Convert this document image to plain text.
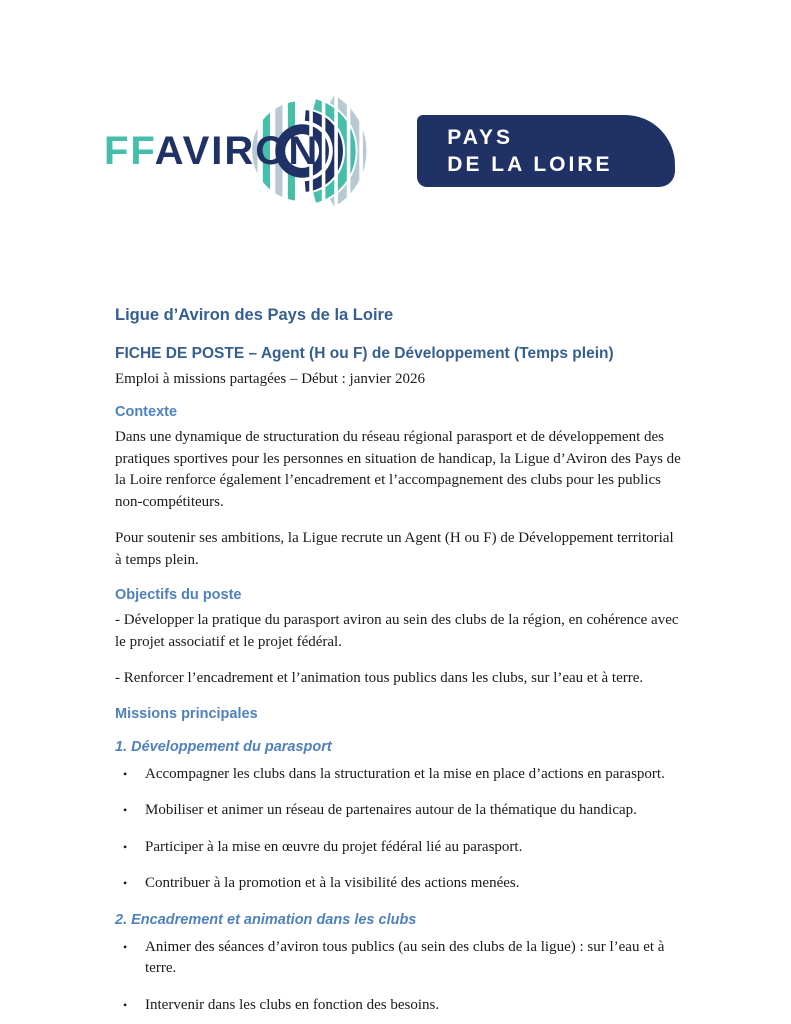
FFAVIRON	PAYS
DE LA LOIRE
Ligue d’Aviron des Pays de la Loire
FICHE DE POSTE – Agent (H ou F) de Développement (Temps plein)

Emploi à missions partagées – Début : janvier 2026

Contexte

Dans une dynamique de structuration du réseau régional parasport et de développement des pratiques sportives pour les personnes en situation de handicap, la Ligue d’Aviron des Pays de la Loire renforce également l’encadrement et l’accompagnement des clubs pour les publics non-compétiteurs.

Pour soutenir ses ambitions, la Ligue recrute un Agent (H ou F) de Développement territorial à temps plein.

Objectifs du poste

- Développer la pratique du parasport aviron au sein des clubs de la région, en cohérence avec le projet associatif et le projet fédéral.

- Renforcer l’encadrement et l’animation tous publics dans les clubs, sur l’eau et à terre.

Missions principales
1. Développement du parasport
•	Accompagner les clubs dans la structuration et la mise en place d’actions en parasport.
•	Mobiliser et animer un réseau de partenaires autour de la thématique du handicap.
•	Participer à la mise en œuvre du projet fédéral lié au parasport.
•	Contribuer à la promotion et à la visibilité des actions menées.
2. Encadrement et animation dans les clubs
•	Animer des séances d’aviron tous publics (au sein des clubs de la ligue) : sur l’eau et à terre.
•	Intervenir dans les clubs en fonction des besoins.
